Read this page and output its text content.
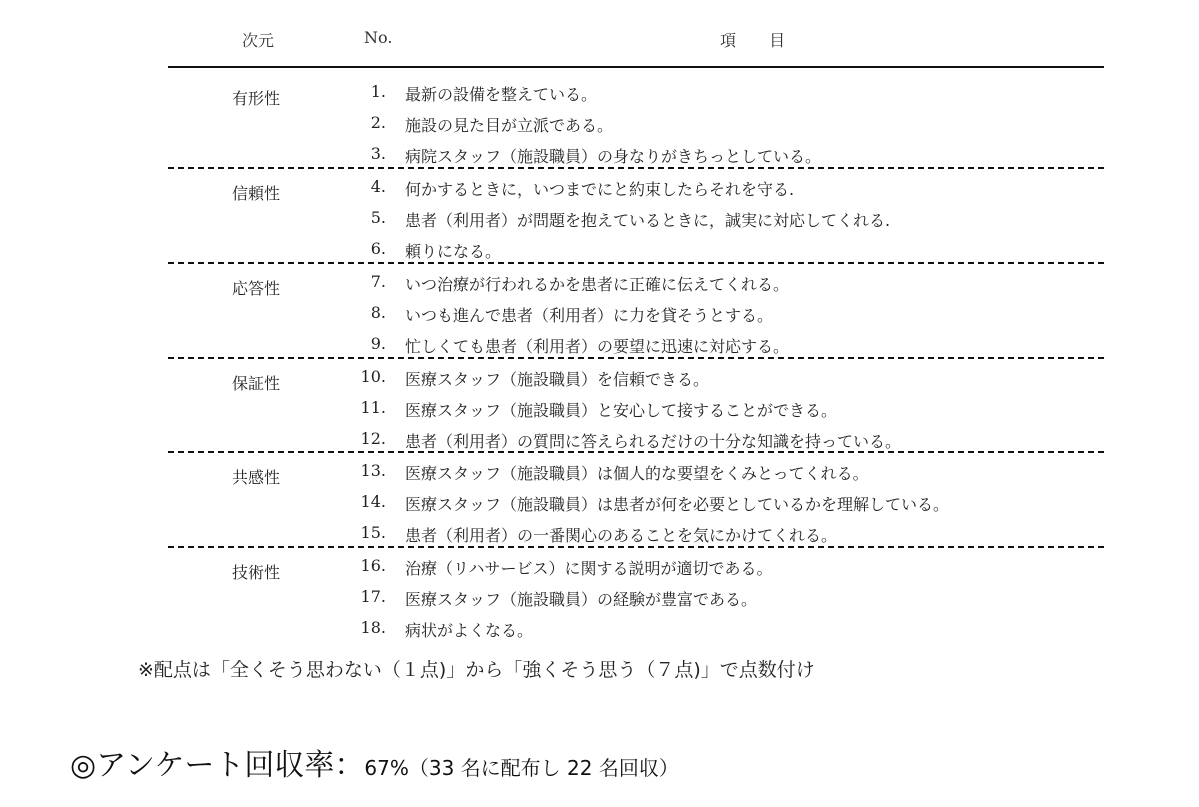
次元	No.	項 目
有形性	1. 最新の設備を整えている。
2. 施設の見た目が立派である。
3. 病院スタッフ（施設職員）の身なりがきちっとしている。
信頼性	4. 何かするときに，いつまでにと約束したらそれを守る.
5. 患者（利用者）が問題を抱えているときに，誠実に対応してくれる.
6. 頼りになる。
応答性	7. いつ治療が行われるかを患者に正確に伝えてくれる。
8. いつも進んで患者（利用者）に力を貸そうとする。
9. 忙しくても患者（利用者）の要望に迅速に対応する。
保証性	10. 医療スタッフ（施設職員）を信頼できる。
11. 医療スタッフ（施設職員）と安心して接することができる。
12. 患者（利用者）の質問に答えられるだけの十分な知識を持っている。
共感性	13. 医療スタッフ（施設職員）は個人的な要望をくみとってくれる。
14. 医療スタッフ（施設職員）は患者が何を必要としているかを理解している。
15. 患者（利用者）の一番関心のあることを気にかけてくれる。
技術性	16. 治療（リハサービス）に関する説明が適切である。
17. 医療スタッフ（施設職員）の経験が豊富である。
18. 病状がよくなる。
※配点は「全くそう思わない（１点)」から「強くそう思う（７点)」で点数付け
◎アンケート回収率：67%（33 名に配布し 22 名回収）
